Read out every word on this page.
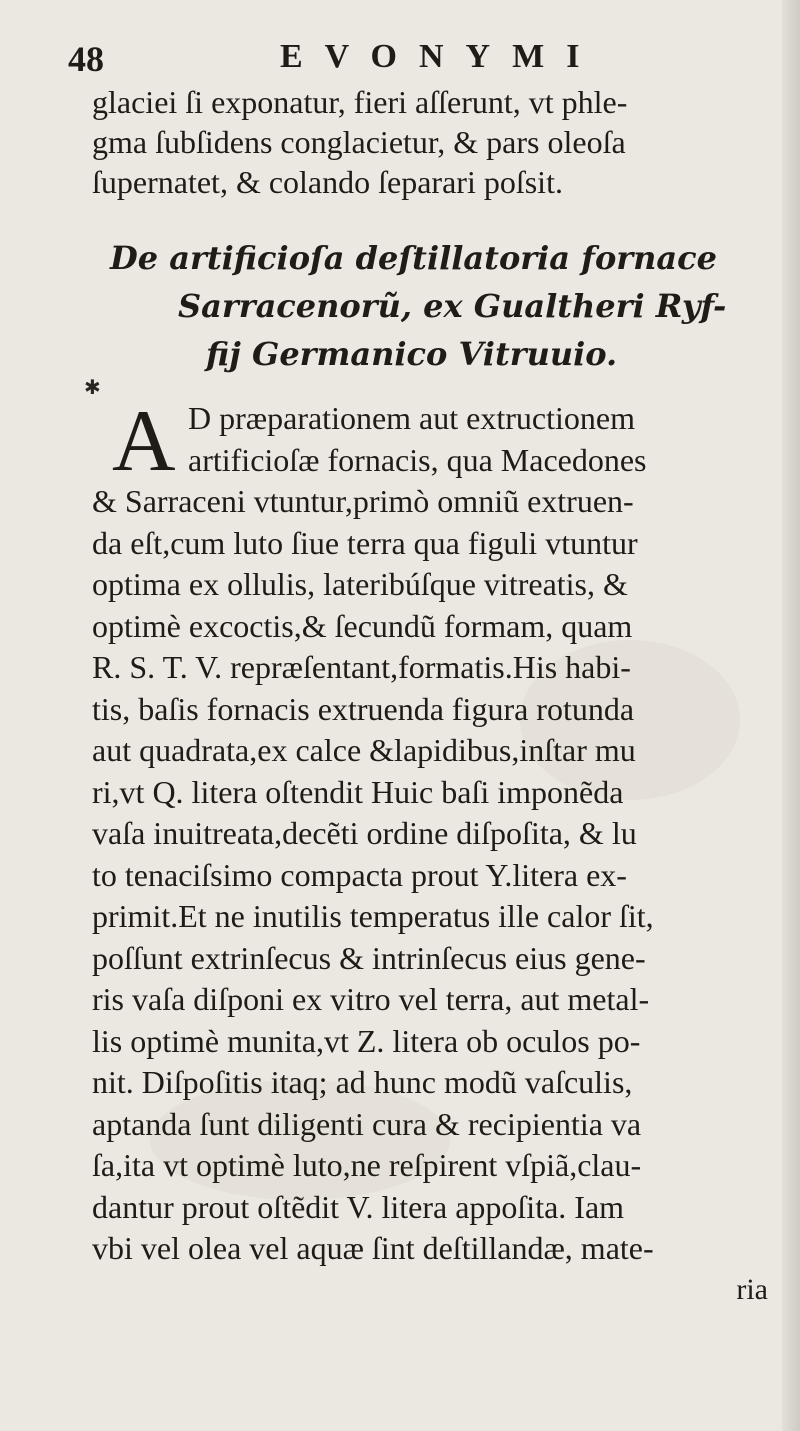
48	EVONYMI
✱
glaciei ſi exponatur, fieri aſſerunt, vt phle-
gma ſubſidens conglacietur, & pars oleoſa
ſupernatet, & colando ſeparari poſsit.
De artificioſa deſtillatoria fornace
Sarracenorũ, ex Gualtheri Ryf-
fij Germanico Vitruuio.
A D præparationem aut extructionem
artificioſæ fornacis, qua Macedones
& Sarraceni vtuntur,primò omniũ extruen-
da eſt,cum luto ſiue terra qua figuli vtuntur
optima ex ollulis, lateribúſque vitreatis, &
optimè excoctis,& ſecundũ formam, quam
R. S. T. V. repræſentant,formatis.His habi-
tis, baſis fornacis extruenda figura rotunda
aut quadrata,ex calce &lapidibus,inſtar mu
ri,vt Q. litera oſtendit Huic baſi imponẽda
vaſa inuitreata,decẽti ordine diſpoſita, & lu
to tenaciſsimo compacta prout Y.litera ex-
primit.Et ne inutilis temperatus ille calor ſit,
poſſunt extrinſecus & intrinſecus eius gene-
ris vaſa diſponi ex vitro vel terra, aut metal-
lis optimè munita,vt Z. litera ob oculos po-
nit. Diſpoſitis itaq; ad hunc modũ vaſculis,
aptanda ſunt diligenti cura & recipientia va
ſa,ita vt optimè luto,ne reſpirent vſpiã,clau-
dantur prout oſtẽdit V. litera appoſita. Iam
vbi vel olea vel aquæ ſint deſtillandæ, mate-
ria
